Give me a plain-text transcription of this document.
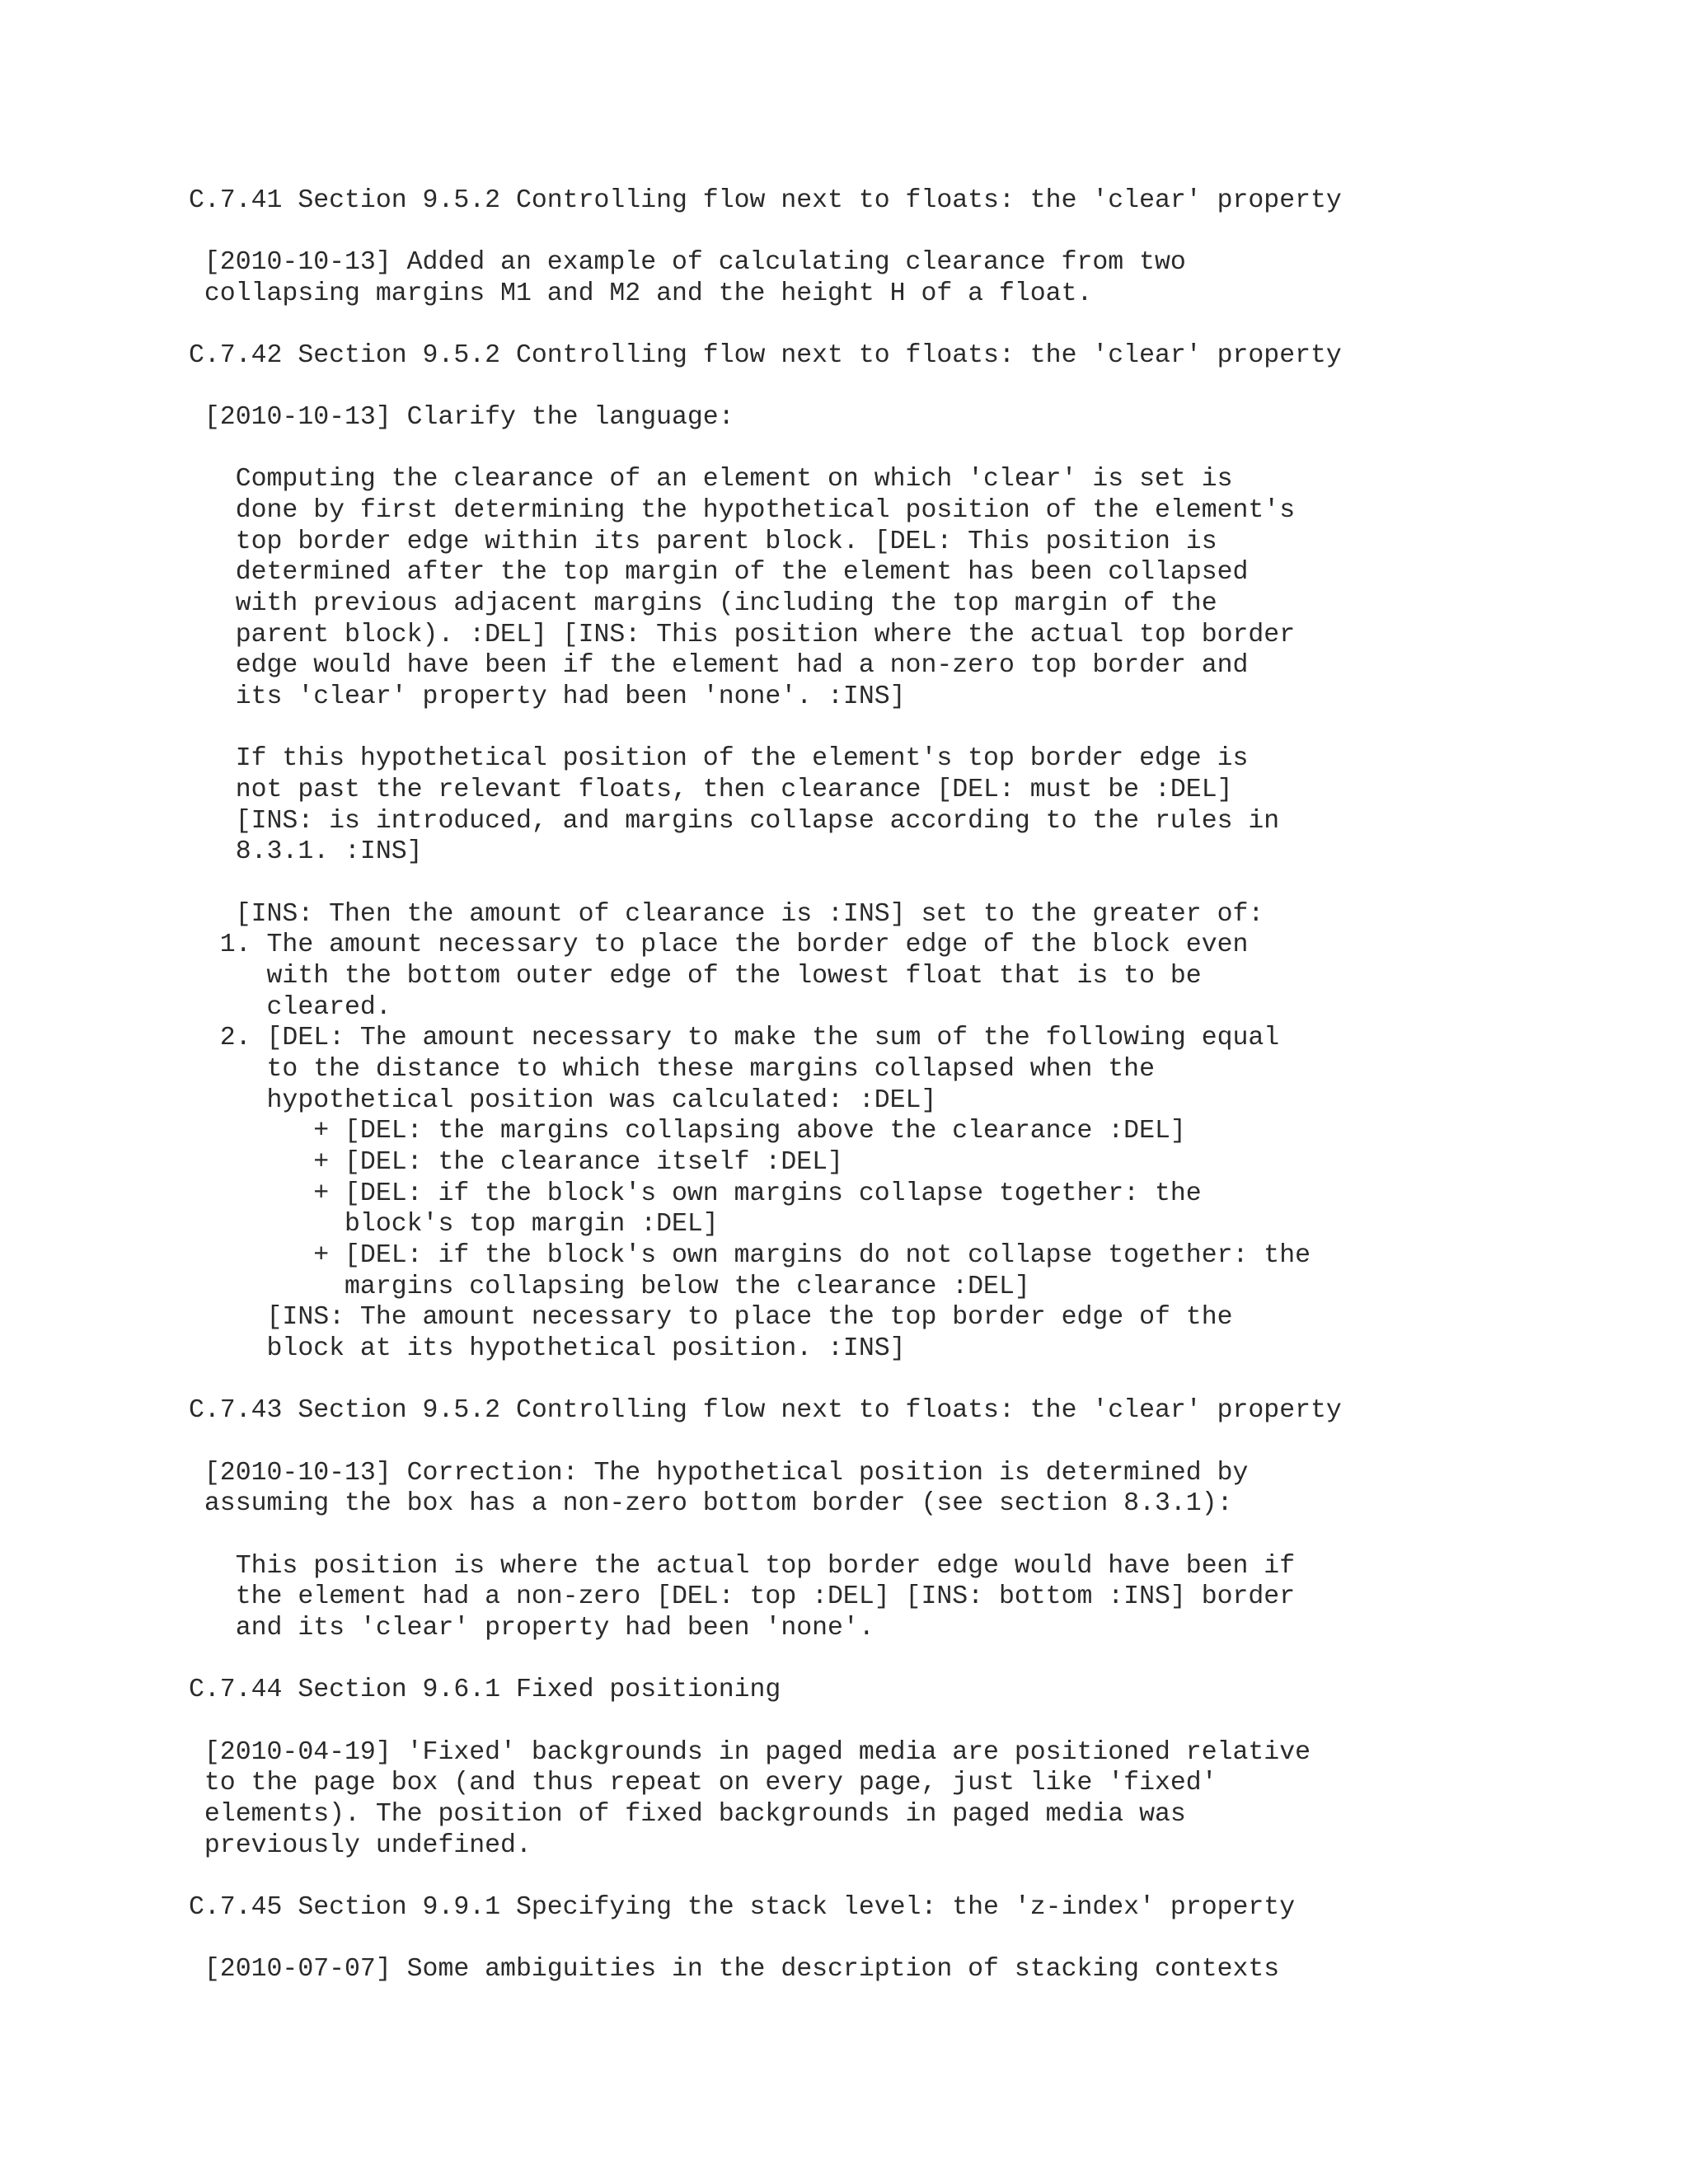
C.7.41 Section 9.5.2 Controlling flow next to floats: the 'clear' property
[2010-10-13] Added an example of calculating clearance from two
collapsing margins M1 and M2 and the height H of a float.
C.7.42 Section 9.5.2 Controlling flow next to floats: the 'clear' property
[2010-10-13] Clarify the language:
Computing the clearance of an element on which 'clear' is set is
done by first determining the hypothetical position of the element's
top border edge within its parent block. [DEL: This position is
determined after the top margin of the element has been collapsed
with previous adjacent margins (including the top margin of the
parent block). :DEL] [INS: This position where the actual top border
edge would have been if the element had a non-zero top border and
its 'clear' property had been 'none'. :INS]
If this hypothetical position of the element's top border edge is
not past the relevant floats, then clearance [DEL: must be :DEL]
[INS: is introduced, and margins collapse according to the rules in
8.3.1. :INS]
[INS: Then the amount of clearance is :INS] set to the greater of:
1. The amount necessary to place the border edge of the block even
with the bottom outer edge of the lowest float that is to be
cleared.
2. [DEL: The amount necessary to make the sum of the following equal
to the distance to which these margins collapsed when the
hypothetical position was calculated: :DEL]
+ [DEL: the margins collapsing above the clearance :DEL]
+ [DEL: the clearance itself :DEL]
+ [DEL: if the block's own margins collapse together: the
block's top margin :DEL]
+ [DEL: if the block's own margins do not collapse together: the
margins collapsing below the clearance :DEL]
[INS: The amount necessary to place the top border edge of the
block at its hypothetical position. :INS]
C.7.43 Section 9.5.2 Controlling flow next to floats: the 'clear' property
[2010-10-13] Correction: The hypothetical position is determined by
assuming the box has a non-zero bottom border (see section 8.3.1):
This position is where the actual top border edge would have been if
the element had a non-zero [DEL: top :DEL] [INS: bottom :INS] border
and its 'clear' property had been 'none'.
C.7.44 Section 9.6.1 Fixed positioning
[2010-04-19] 'Fixed' backgrounds in paged media are positioned relative
to the page box (and thus repeat on every page, just like 'fixed'
elements). The position of fixed backgrounds in paged media was
previously undefined.
C.7.45 Section 9.9.1 Specifying the stack level: the 'z-index' property
[2010-07-07] Some ambiguities in the description of stacking contexts
